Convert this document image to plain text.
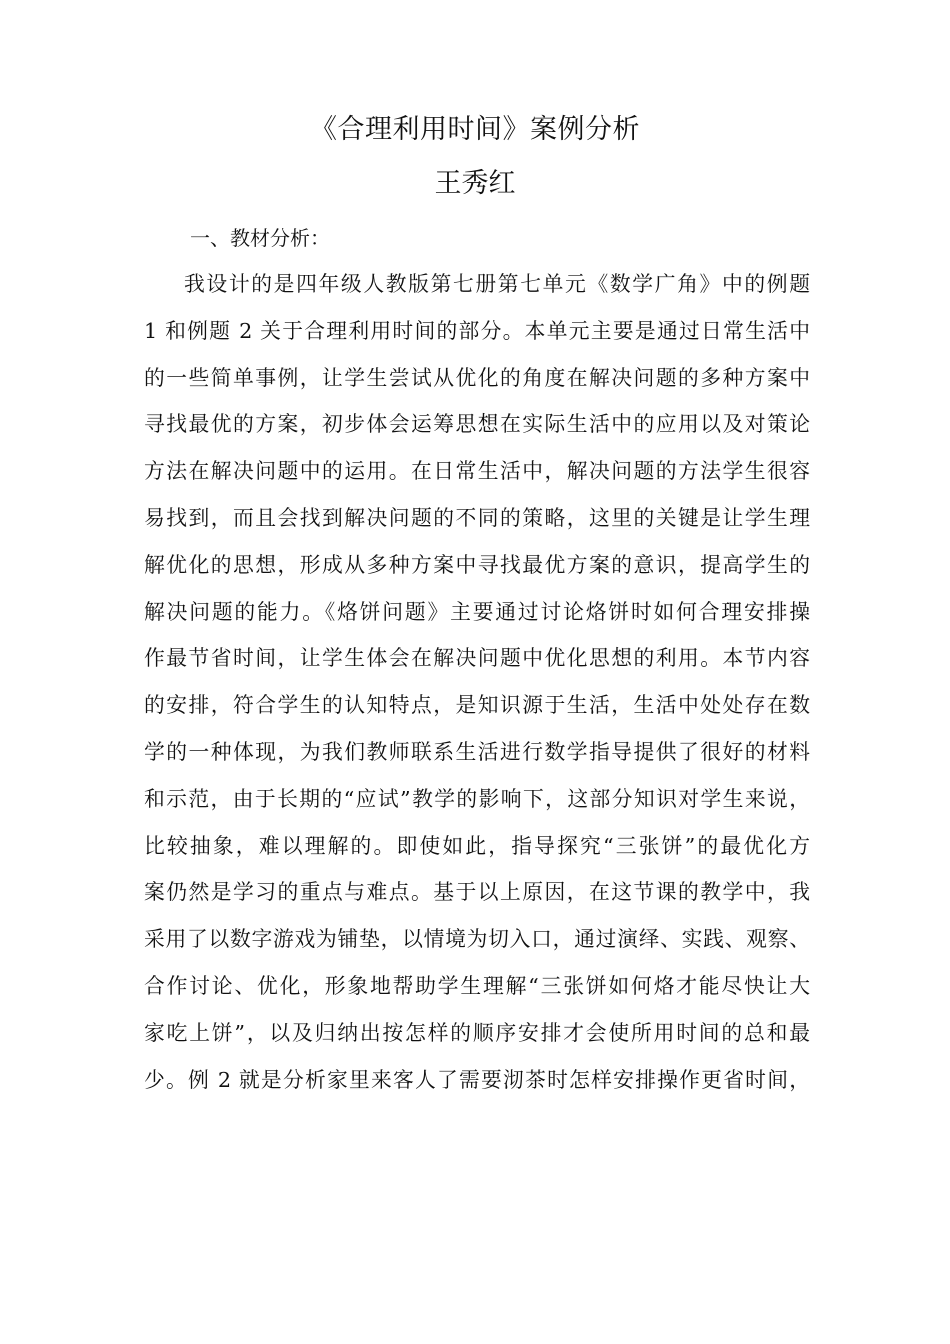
《合理利用时间》案例分析
王秀红
一、教材分析：
我设计的是四年级人教版第七册第七单元《数学广角》中的例题
1 和例题 2 关于合理利用时间的部分。本单元主要是通过日常生活中
的一些简单事例，让学生尝试从优化的角度在解决问题的多种方案中
寻找最优的方案，初步体会运筹思想在实际生活中的应用以及对策论
方法在解决问题中的运用。在日常生活中，解决问题的方法学生很容
易找到，而且会找到解决问题的不同的策略，这里的关键是让学生理
解优化的思想，形成从多种方案中寻找最优方案的意识，提高学生的
解决问题的能力。《烙饼问题》主要通过讨论烙饼时如何合理安排操
作最节省时间，让学生体会在解决问题中优化思想的利用。本节内容
的安排，符合学生的认知特点，是知识源于生活，生活中处处存在数
学的一种体现，为我们教师联系生活进行数学指导提供了很好的材料
和示范，由于长期的“应试”教学的影响下，这部分知识对学生来说，
比较抽象，难以理解的。即使如此，指导探究“三张饼”的最优化方
案仍然是学习的重点与难点。基于以上原因，在这节课的教学中，我
采用了以数字游戏为铺垫，以情境为切入口，通过演绎、实践、观察、
合作讨论、优化，形象地帮助学生理解“三张饼如何烙才能尽快让大
家吃上饼”，以及归纳出按怎样的顺序安排才会使所用时间的总和最
少。例 2 就是分析家里来客人了需要沏茶时怎样安排操作更省时间，
